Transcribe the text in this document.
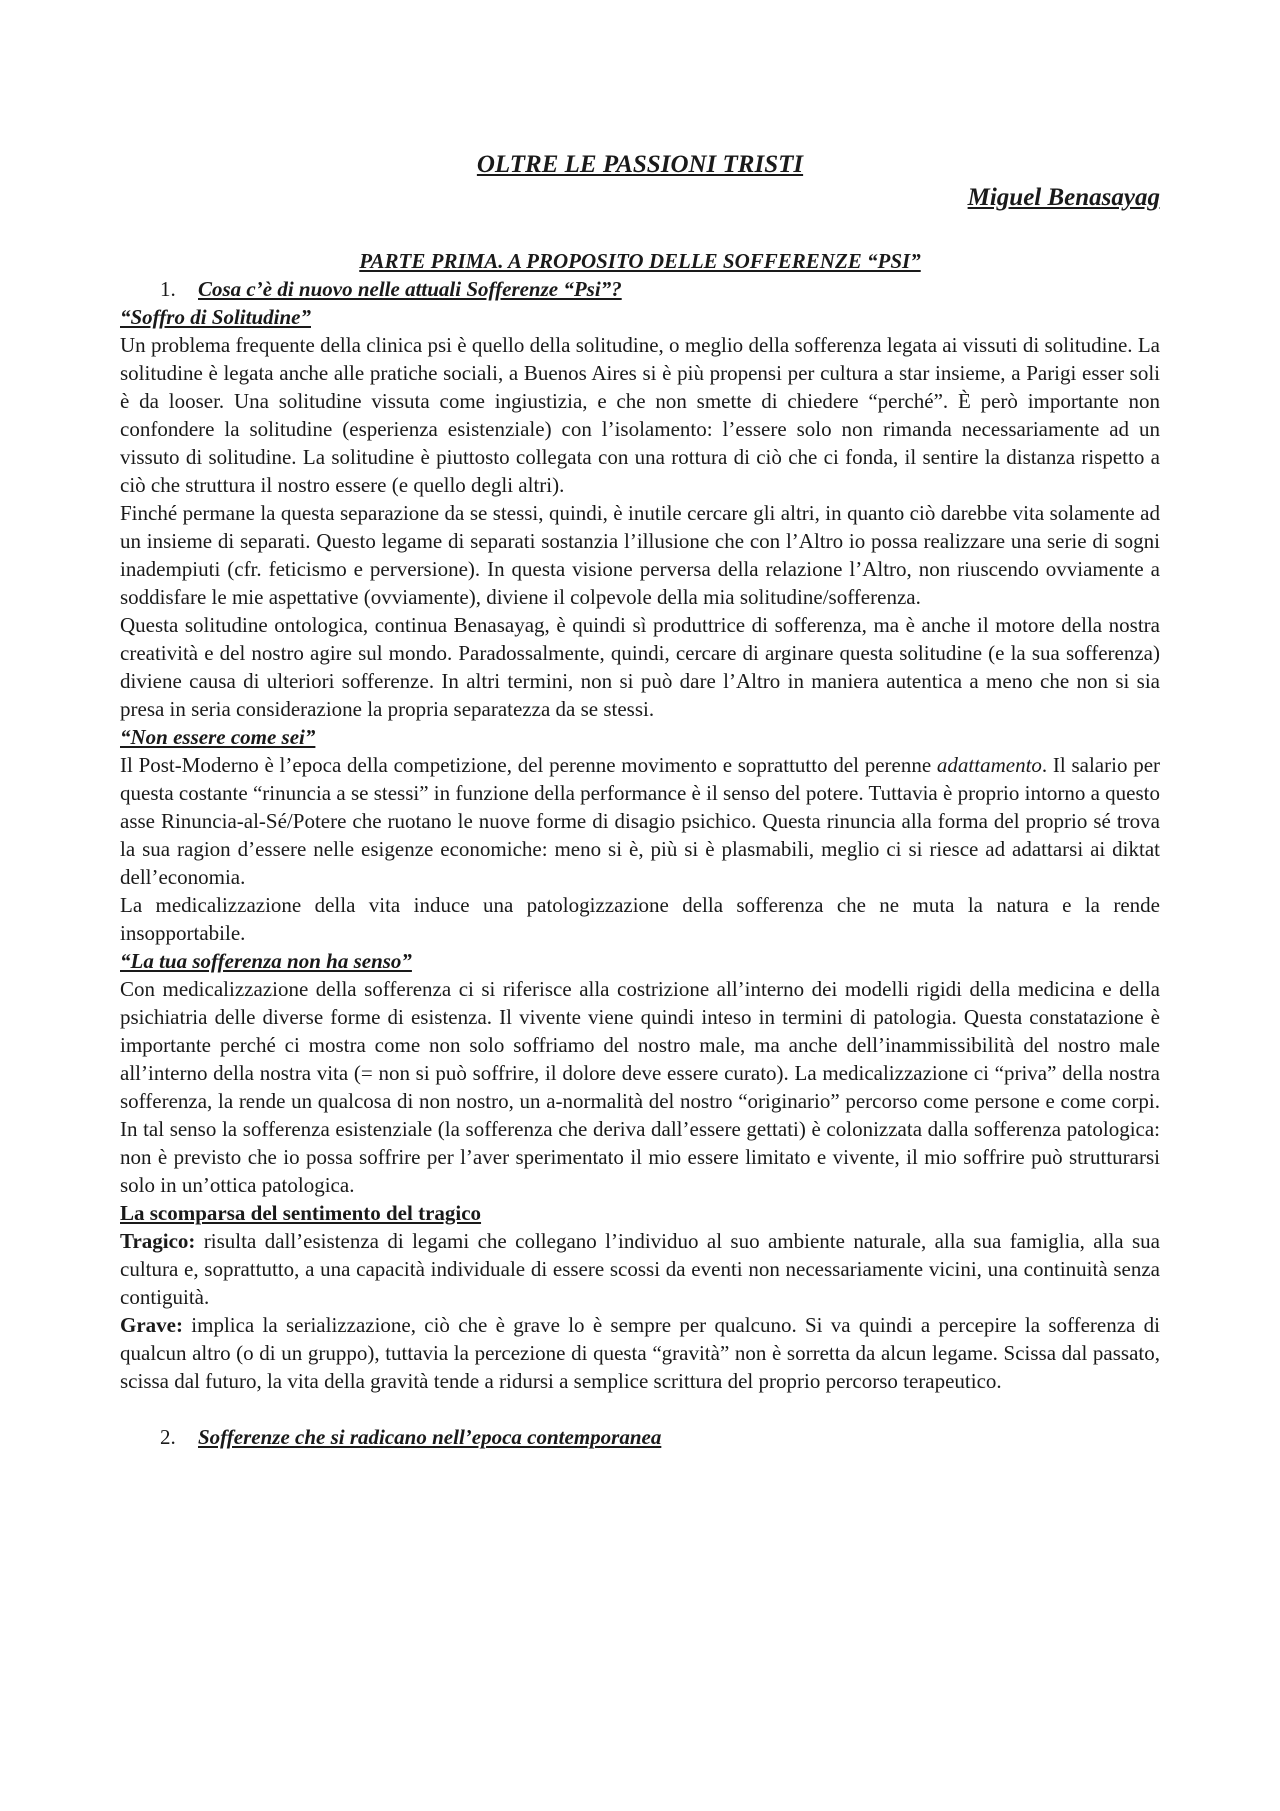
OLTRE LE PASSIONI TRISTI
Miguel Benasayag
PARTE PRIMA. A PROPOSITO DELLE SOFFERENZE “PSI”
1. Cosa c’è di nuovo nelle attuali Sofferenze “Psi”?
“Soffro di Solitudine”

Un problema frequente della clinica psi è quello della solitudine, o meglio della sofferenza legata ai vissuti di solitudine. La solitudine è legata anche alle pratiche sociali, a Buenos Aires si è più propensi per cultura a star insieme, a Parigi esser soli è da looser. Una solitudine vissuta come ingiustizia, e che non smette di chiedere “perché”. È però importante non confondere la solitudine (esperienza esistenziale) con l’isolamento: l’essere solo non rimanda necessariamente ad un vissuto di solitudine. La solitudine è piuttosto collegata con una rottura di ciò che ci fonda, il sentire la distanza rispetto a ciò che struttura il nostro essere (e quello degli altri).

Finché permane la questa separazione da se stessi, quindi, è inutile cercare gli altri, in quanto ciò darebbe vita solamente ad un insieme di separati. Questo legame di separati sostanzia l’illusione che con l’Altro io possa realizzare una serie di sogni inadempiuti (cfr. feticismo e perversione). In questa visione perversa della relazione l’Altro, non riuscendo ovviamente a soddisfare le mie aspettative (ovviamente), diviene il colpevole della mia solitudine/sofferenza.

Questa solitudine ontologica, continua Benasayag, è quindi sì produttrice di sofferenza, ma è anche il motore della nostra creatività e del nostro agire sul mondo. Paradossalmente, quindi, cercare di arginare questa solitudine (e la sua sofferenza) diviene causa di ulteriori sofferenze. In altri termini, non si può dare l’Altro in maniera autentica a meno che non si sia presa in seria considerazione la propria separatezza da se stessi.

“Non essere come sei”

Il Post-Moderno è l’epoca della competizione, del perenne movimento e soprattutto del perenne adattamento. Il salario per questa costante “rinuncia a se stessi” in funzione della performance è il senso del potere. Tuttavia è proprio intorno a questo asse Rinuncia-al-Sé/Potere che ruotano le nuove forme di disagio psichico. Questa rinuncia alla forma del proprio sé trova la sua ragion d’essere nelle esigenze economiche: meno si è, più si è plasmabili, meglio ci si riesce ad adattarsi ai diktat dell’economia.

La medicalizzazione della vita induce una patologizzazione della sofferenza che ne muta la natura e la rende insopportabile.

“La tua sofferenza non ha senso”

Con medicalizzazione della sofferenza ci si riferisce alla costrizione all’interno dei modelli rigidi della medicina e della psichiatria delle diverse forme di esistenza. Il vivente viene quindi inteso in termini di patologia. Questa constatazione è importante perché ci mostra come non solo soffriamo del nostro male, ma anche dell’inammissibilità del nostro male all’interno della nostra vita (= non si può soffrire, il dolore deve essere curato). La medicalizzazione ci “priva” della nostra sofferenza, la rende un qualcosa di non nostro, un a-normalità del nostro “originario” percorso come persone e come corpi. In tal senso la sofferenza esistenziale (la sofferenza che deriva dall’essere gettati) è colonizzata dalla sofferenza patologica: non è previsto che io possa soffrire per l’aver sperimentato il mio essere limitato e vivente, il mio soffrire può strutturarsi solo in un’ottica patologica.

La scomparsa del sentimento del tragico

Tragico: risulta dall’esistenza di legami che collegano l’individuo al suo ambiente naturale, alla sua famiglia, alla sua cultura e, soprattutto, a una capacità individuale di essere scossi da eventi non necessariamente vicini, una continuità senza contiguità.

Grave: implica la serializzazione, ciò che è grave lo è sempre per qualcuno. Si va quindi a percepire la sofferenza di qualcun altro (o di un gruppo), tuttavia la percezione di questa “gravità” non è sorretta da alcun legame. Scissa dal passato, scissa dal futuro, la vita della gravità tende a ridursi a semplice scrittura del proprio percorso terapeutico.

2. Sofferenze che si radicano nell’epoca contemporanea
